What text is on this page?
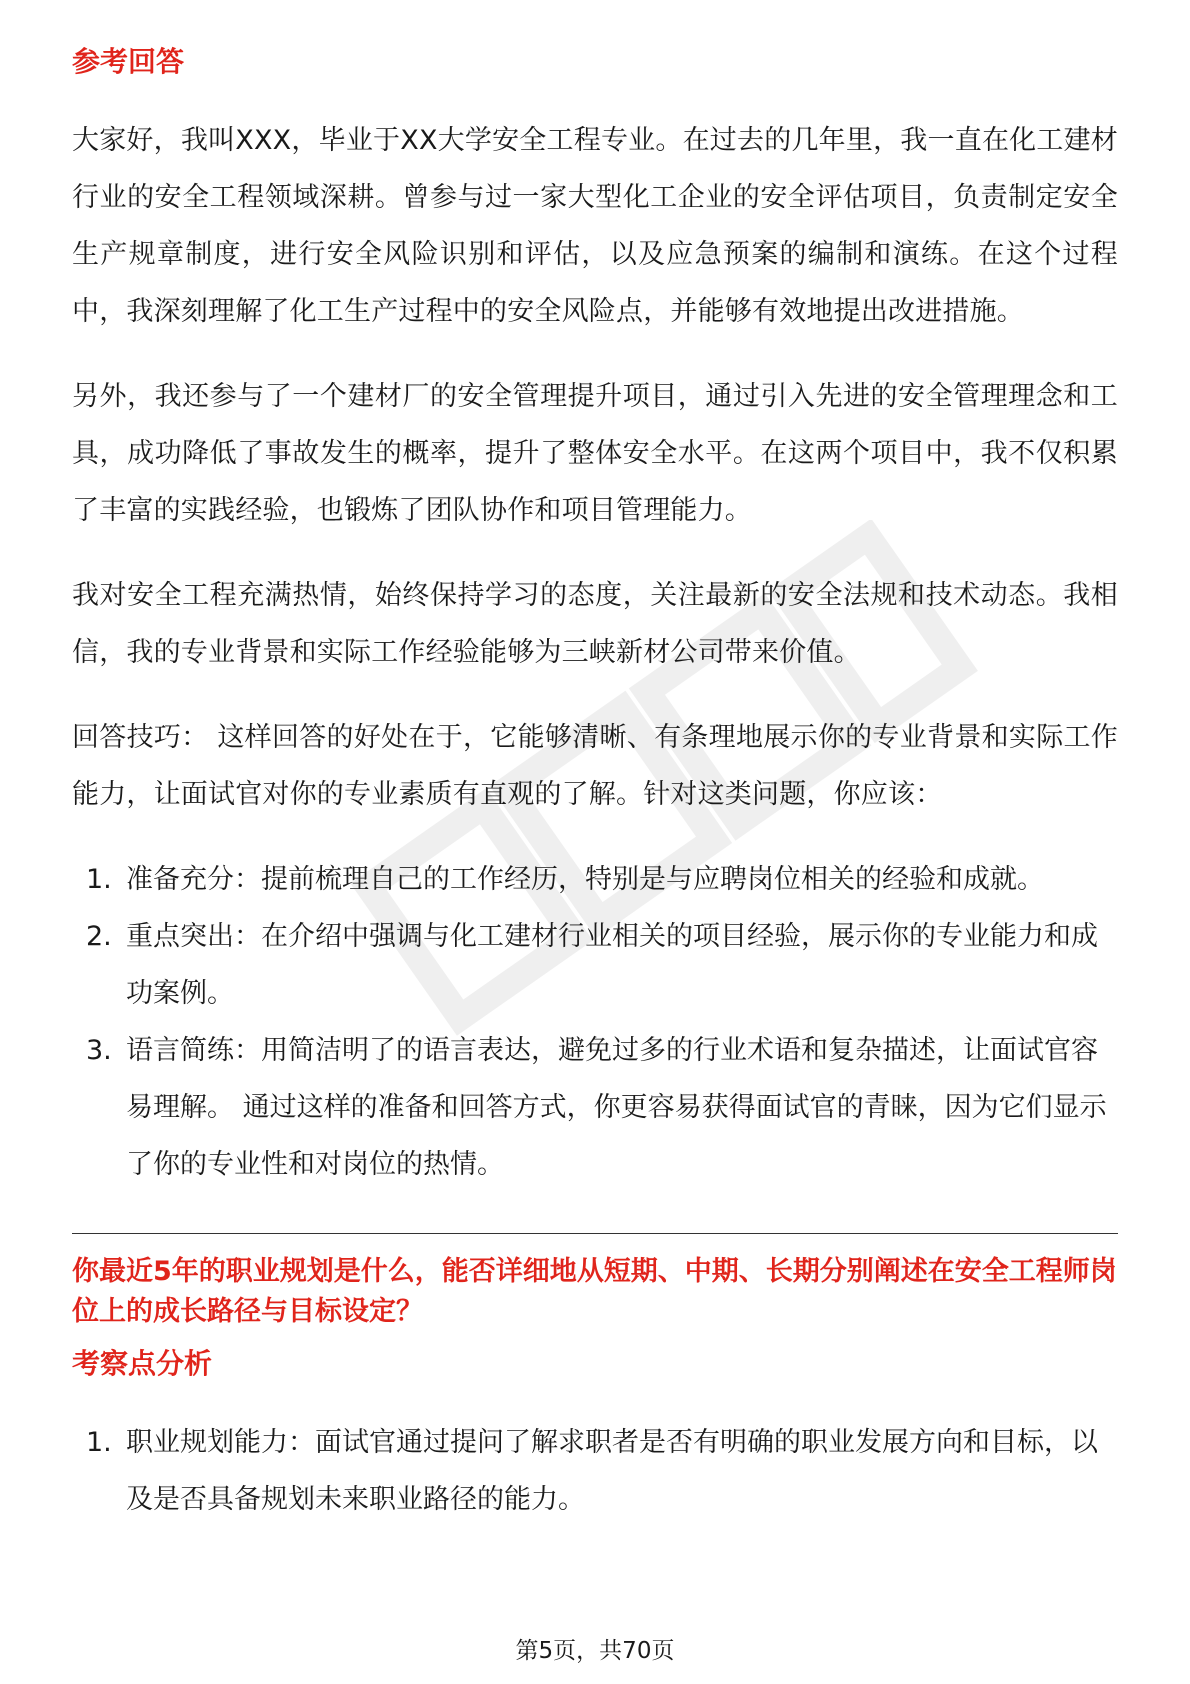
参考回答

大家好，我叫XXX，毕业于XX大学安全工程专业。在过去的几年里，我一直在化工建材行业的安全工程领域深耕。曾参与过一家大型化工企业的安全评估项目，负责制定安全生产规章制度，进行安全风险识别和评估，以及应急预案的编制和演练。在这个过程中，我深刻理解了化工生产过程中的安全风险点，并能够有效地提出改进措施。

另外，我还参与了一个建材厂的安全管理提升项目，通过引入先进的安全管理理念和工具，成功降低了事故发生的概率，提升了整体安全水平。在这两个项目中，我不仅积累了丰富的实践经验，也锻炼了团队协作和项目管理能力。

我对安全工程充满热情，始终保持学习的态度，关注最新的安全法规和技术动态。我相信，我的专业背景和实际工作经验能够为三峡新材公司带来价值。

回答技巧： 这样回答的好处在于，它能够清晰、有条理地展示你的专业背景和实际工作能力，让面试官对你的专业素质有直观的了解。针对这类问题，你应该：

1. 准备充分：提前梳理自己的工作经历，特别是与应聘岗位相关的经验和成就。
2. 重点突出：在介绍中强调与化工建材行业相关的项目经验，展示你的专业能力和成功案例。
3. 语言简练：用简洁明了的语言表达，避免过多的行业术语和复杂描述，让面试官容易理解。 通过这样的准备和回答方式，你更容易获得面试官的青睐，因为它们显示了你的专业性和对岗位的热情。
你最近5年的职业规划是什么，能否详细地从短期、中期、长期分别阐述在安全工程师岗位上的成长路径与目标设定？
考察点分析
1. 职业规划能力：面试官通过提问了解求职者是否有明确的职业发展方向和目标，以及是否具备规划未来职业路径的能力。
第5页，共70页
